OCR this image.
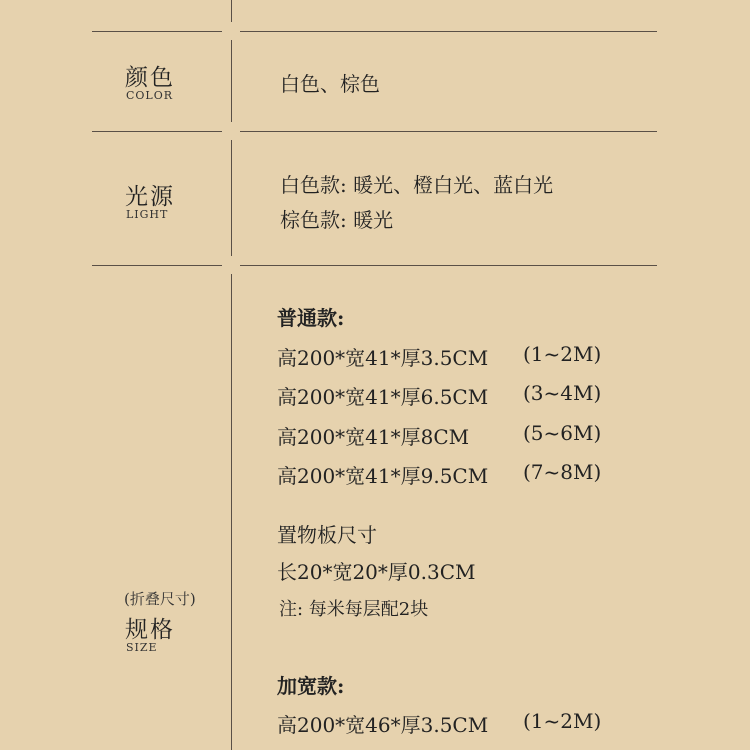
颜色
COLOR	白色、棕色
光源
LIGHT
白色款: 暖光、橙白光、蓝白光
棕色款: 暖光
(折叠尺寸)
规格
SIZE
普通款:
高200*宽41*厚3.5CM (1~2M)
高200*宽41*厚6.5CM (3~4M)
高200*宽41*厚8CM	(5~6M)
高200*宽41*厚9.5CM (7~8M)
置物板尺寸
长20*宽20*厚0.3CM
注: 每米每层配2块
加宽款:
高200*宽46*厚3.5CM (1~2M)
